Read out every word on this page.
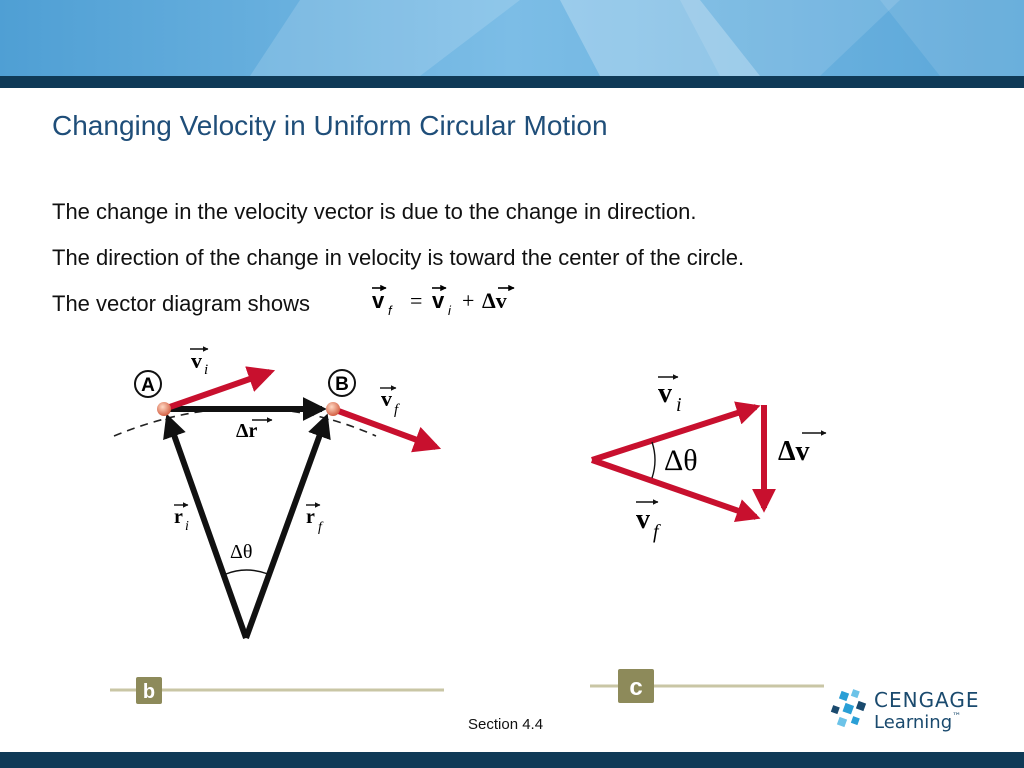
Changing Velocity in Uniform Circular Motion

The change in the velocity vector is due to the change in direction.

The direction of the change in velocity is toward the center of the circle.

The vector diagram shows	v f = v i + Δv
A	B
v i
v f
Δr
r i	r f
Δθ
b
Δθ
v i
v f
Δv
c
Section 4.4
CENGAGE
Learning™
